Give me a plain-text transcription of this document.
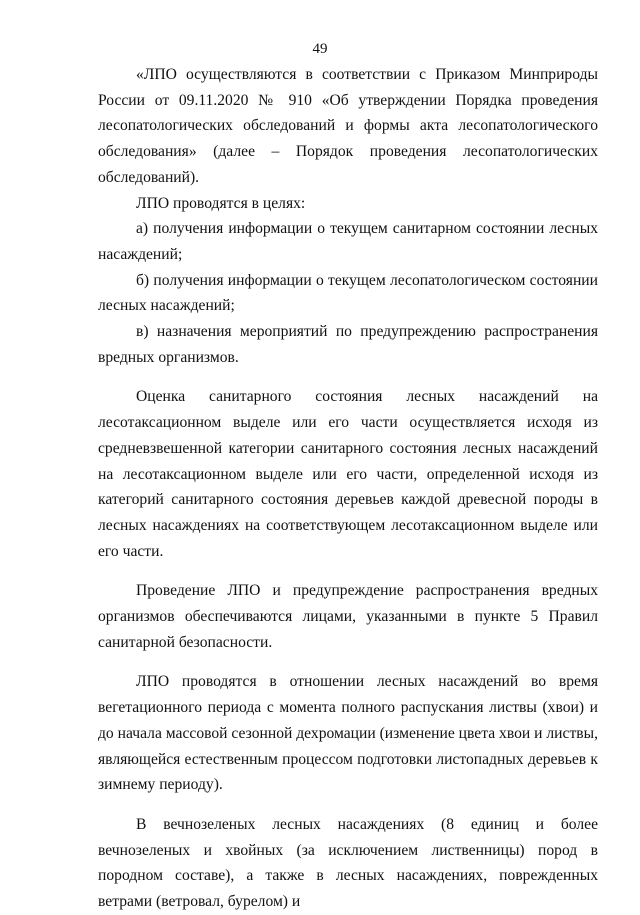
49

«ЛПО осуществляются в соответствии с Приказом Минприроды России от 09.11.2020 № 910 «Об утверждении Порядка проведения лесопатологических обследований и формы акта лесопатологического обследования» (далее – Порядок проведения лесопатологических обследований).

ЛПО проводятся в целях:

а) получения информации о текущем санитарном состоянии лесных насаждений;

б) получения информации о текущем лесопатологическом состоянии лесных насаждений;

в) назначения мероприятий по предупреждению распространения вредных организмов.

Оценка санитарного состояния лесных насаждений на лесотаксационном выделе или его части осуществляется исходя из средневзвешенной категории санитарного состояния лесных насаждений на лесотаксационном выделе или его части, определенной исходя из категорий санитарного состояния деревьев каждой древесной породы в лесных насаждениях на соответствующем лесотаксационном выделе или его части.

Проведение ЛПО и предупреждение распространения вредных организмов обеспечиваются лицами, указанными в пункте 5 Правил санитарной безопасности.

ЛПО проводятся в отношении лесных насаждений во время вегетационного периода с момента полного распускания листвы (хвои) и до начала массовой сезонной дехромации (изменение цвета хвои и листвы, являющейся естественным процессом подготовки листопадных деревьев к зимнему периоду).

В вечнозеленых лесных насаждениях (8 единиц и более вечнозеленых и хвойных (за исключением лиственницы) пород в породном составе), а также в лесных насаждениях, поврежденных ветрами (ветровал, бурелом) и
